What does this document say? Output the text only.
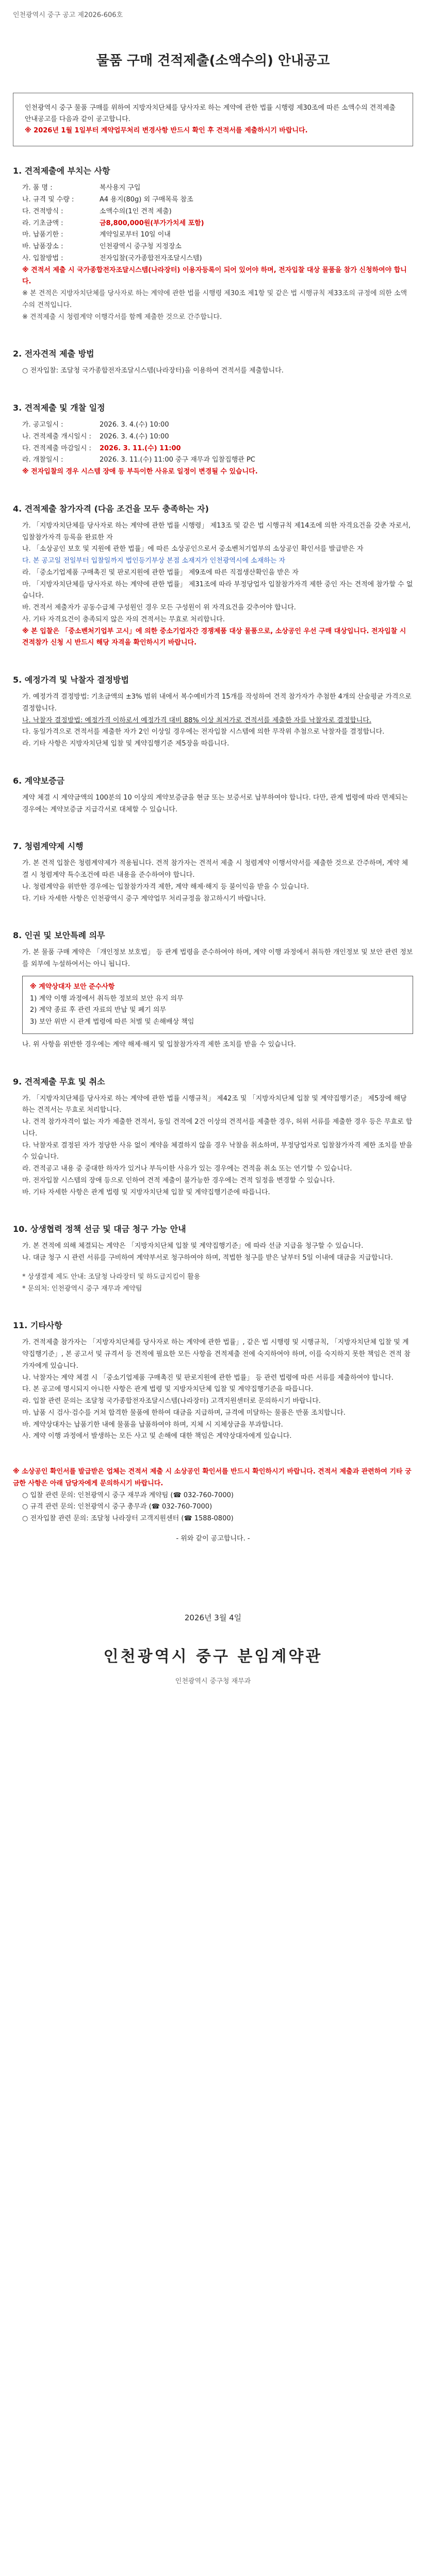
인천광역시 중구 공고 제2026-606호
물품 구매 견적제출(소액수의) 안내공고
인천광역시 중구 물품 구매를 위하여 지방자치단체를 당사자로 하는 계약에 관한 법률 시행령 제30조에 따른 소액수의 견적제출 안내공고를 다음과 같이 공고합니다.
※ 2026년 1월 1일부터 계약업무처리 변경사항 반드시 확인 후 견적서를 제출하시기 바랍니다.
1. 견적제출에 부치는 사항
가. 품 명 :	복사용지 구입
나. 규격 및 수량 :	A4 용지(80g) 외 구매목록 참조
다. 견적방식 :	소액수의(1인 견적 제출)
라. 기초금액 :	금8,800,000원(부가가치세 포함)
마. 납품기한 :	계약일로부터 10일 이내
바. 납품장소 :	인천광역시 중구청 지정장소
사. 입찰방법 :	전자입찰(국가종합전자조달시스템)
※ 견적서 제출 시 국가종합전자조달시스템(나라장터) 이용자등록이 되어 있어야 하며, 전자입찰 대상 물품을 참가 신청하여야 합니다.
※ 본 견적은 지방자치단체를 당사자로 하는 계약에 관한 법률 시행령 제30조 제1항 및 같은 법 시행규칙 제33조의 규정에 의한 소액수의 견적입니다.
※ 견적제출 시 청렴계약 이행각서를 함께 제출한 것으로 간주합니다.
2. 전자견적 제출 방법
○ 전자입찰: 조달청 국가종합전자조달시스템(나라장터)을 이용하여 견적서를 제출합니다.
3. 견적제출 및 개찰 일정
가. 공고일시 :	2026. 3. 4.(수) 10:00
나. 견적제출 개시일시 :	2026. 3. 4.(수) 10:00
다. 견적제출 마감일시 :	2026. 3. 11.(수) 11:00
라. 개찰일시 :	2026. 3. 11.(수) 11:00 중구 재무과 입찰집행관 PC
※ 전자입찰의 경우 시스템 장애 등 부득이한 사유로 일정이 변경될 수 있습니다.
4. 견적제출 참가자격 (다음 조건을 모두 충족하는 자)
가. 「지방자치단체를 당사자로 하는 계약에 관한 법률 시행령」 제13조 및 같은 법 시행규칙 제14조에 의한 자격요건을 갖춘 자로서, 입찰참가자격 등록을 완료한 자
나. 「소상공인 보호 및 지원에 관한 법률」에 따른 소상공인으로서 중소벤처기업부의 소상공인 확인서를 발급받은 자
다. 본 공고일 전일부터 입찰일까지 법인등기부상 본점 소재지가 인천광역시에 소재하는 자
라. 「중소기업제품 구매촉진 및 판로지원에 관한 법률」 제9조에 따른 직접생산확인을 받은 자
마. 「지방자치단체를 당사자로 하는 계약에 관한 법률」 제31조에 따라 부정당업자 입찰참가자격 제한 중인 자는 견적에 참가할 수 없습니다.
바. 견적서 제출자가 공동수급체 구성원인 경우 모든 구성원이 위 자격요건을 갖추어야 합니다.
사. 기타 자격요건이 충족되지 않은 자의 견적서는 무효로 처리합니다.
※ 본 입찰은 「중소벤처기업부 고시」에 의한 중소기업자간 경쟁제품 대상 물품으로, 소상공인 우선 구매 대상입니다. 전자입찰 시 견적참가 신청 시 반드시 해당 자격을 확인하시기 바랍니다.
5. 예정가격 및 낙찰자 결정방법
가. 예정가격 결정방법: 기초금액의 ±3% 범위 내에서 복수예비가격 15개를 작성하여 견적 참가자가 추첨한 4개의 산술평균 가격으로 결정합니다.
나. 낙찰자 결정방법: 예정가격 이하로서 예정가격 대비 88% 이상 최저가로 견적서를 제출한 자를 낙찰자로 결정합니다.
다. 동일가격으로 견적서를 제출한 자가 2인 이상일 경우에는 전자입찰 시스템에 의한 무작위 추첨으로 낙찰자를 결정합니다.
라. 기타 사항은 지방자치단체 입찰 및 계약집행기준 제5장을 따릅니다.
6. 계약보증금
계약 체결 시 계약금액의 100분의 10 이상의 계약보증금을 현금 또는 보증서로 납부하여야 합니다. 다만, 관계 법령에 따라 면제되는 경우에는 계약보증금 지급각서로 대체할 수 있습니다.
7. 청렴계약제 시행
가. 본 견적 입찰은 청렴계약제가 적용됩니다. 견적 참가자는 견적서 제출 시 청렴계약 이행서약서를 제출한 것으로 간주하며, 계약 체결 시 청렴계약 특수조건에 따른 내용을 준수하여야 합니다.
나. 청렴계약을 위반한 경우에는 입찰참가자격 제한, 계약 해제·해지 등 불이익을 받을 수 있습니다.
다. 기타 자세한 사항은 인천광역시 중구 계약업무 처리규정을 참고하시기 바랍니다.
8. 인권 및 보안특례 의무
가. 본 물품 구매 계약은 「개인정보 보호법」 등 관계 법령을 준수하여야 하며, 계약 이행 과정에서 취득한 개인정보 및 보안 관련 정보를 외부에 누설하여서는 아니 됩니다.
※ 계약상대자 보안 준수사항
1) 계약 이행 과정에서 취득한 정보의 보안 유지 의무
2) 계약 종료 후 관련 자료의 반납 및 폐기 의무
3) 보안 위반 시 관계 법령에 따른 처벌 및 손해배상 책임
나. 위 사항을 위반한 경우에는 계약 해제·해지 및 입찰참가자격 제한 조치를 받을 수 있습니다.
9. 견적제출 무효 및 취소
가. 「지방자치단체를 당사자로 하는 계약에 관한 법률 시행규칙」 제42조 및 「지방자치단체 입찰 및 계약집행기준」 제5장에 해당하는 견적서는 무효로 처리합니다.
나. 견적 참가자격이 없는 자가 제출한 견적서, 동일 견적에 2건 이상의 견적서를 제출한 경우, 허위 서류를 제출한 경우 등은 무효로 합니다.
다. 낙찰자로 결정된 자가 정당한 사유 없이 계약을 체결하지 않을 경우 낙찰을 취소하며, 부정당업자로 입찰참가자격 제한 조치를 받을 수 있습니다.
라. 견적공고 내용 중 중대한 하자가 있거나 부득이한 사유가 있는 경우에는 견적을 취소 또는 연기할 수 있습니다.
마. 전자입찰 시스템의 장애 등으로 인하여 견적 제출이 불가능한 경우에는 견적 일정을 변경할 수 있습니다.
바. 기타 자세한 사항은 관계 법령 및 지방자치단체 입찰 및 계약집행기준에 따릅니다.
10. 상생협력 정책 선금 및 대금 청구 가능 안내
가. 본 견적에 의해 체결되는 계약은 「지방자치단체 입찰 및 계약집행기준」에 따라 선금 지급을 청구할 수 있습니다.
나. 대금 청구 시 관련 서류를 구비하여 계약부서로 청구하여야 하며, 적법한 청구를 받은 날부터 5일 이내에 대금을 지급합니다.
* 상생결제 제도 안내: 조달청 나라장터 및 하도급지킴이 활용
* 문의처: 인천광역시 중구 재무과 계약팀
11. 기타사항
가. 견적제출 참가자는 「지방자치단체를 당사자로 하는 계약에 관한 법률」, 같은 법 시행령 및 시행규칙, 「지방자치단체 입찰 및 계약집행기준」, 본 공고서 및 규격서 등 견적에 필요한 모든 사항을 견적제출 전에 숙지하여야 하며, 이를 숙지하지 못한 책임은 견적 참가자에게 있습니다.
나. 낙찰자는 계약 체결 시 「중소기업제품 구매촉진 및 판로지원에 관한 법률」 등 관련 법령에 따른 서류를 제출하여야 합니다.
다. 본 공고에 명시되지 아니한 사항은 관계 법령 및 지방자치단체 입찰 및 계약집행기준을 따릅니다.
라. 입찰 관련 문의는 조달청 국가종합전자조달시스템(나라장터) 고객지원센터로 문의하시기 바랍니다.
마. 납품 시 검사·검수를 거쳐 합격한 물품에 한하여 대금을 지급하며, 규격에 미달하는 물품은 반품 조치합니다.
바. 계약상대자는 납품기한 내에 물품을 납품하여야 하며, 지체 시 지체상금을 부과합니다.
사. 계약 이행 과정에서 발생하는 모든 사고 및 손해에 대한 책임은 계약상대자에게 있습니다.
※ 소상공인 확인서를 발급받은 업체는 견적서 제출 시 소상공인 확인서를 반드시 확인하시기 바랍니다. 견적서 제출과 관련하여 기타 궁금한 사항은 아래 담당자에게 문의하시기 바랍니다.
○ 입찰 관련 문의: 인천광역시 중구 재무과 계약팀 (☎ 032-760-7000)
○ 규격 관련 문의: 인천광역시 중구 총무과 (☎ 032-760-7000)
○ 전자입찰 관련 문의: 조달청 나라장터 고객지원센터 (☎ 1588-0800)
- 위와 같이 공고합니다. -
2026년 3월 4일
인천광역시 중구 분임계약관
인천광역시 중구청 재무과
